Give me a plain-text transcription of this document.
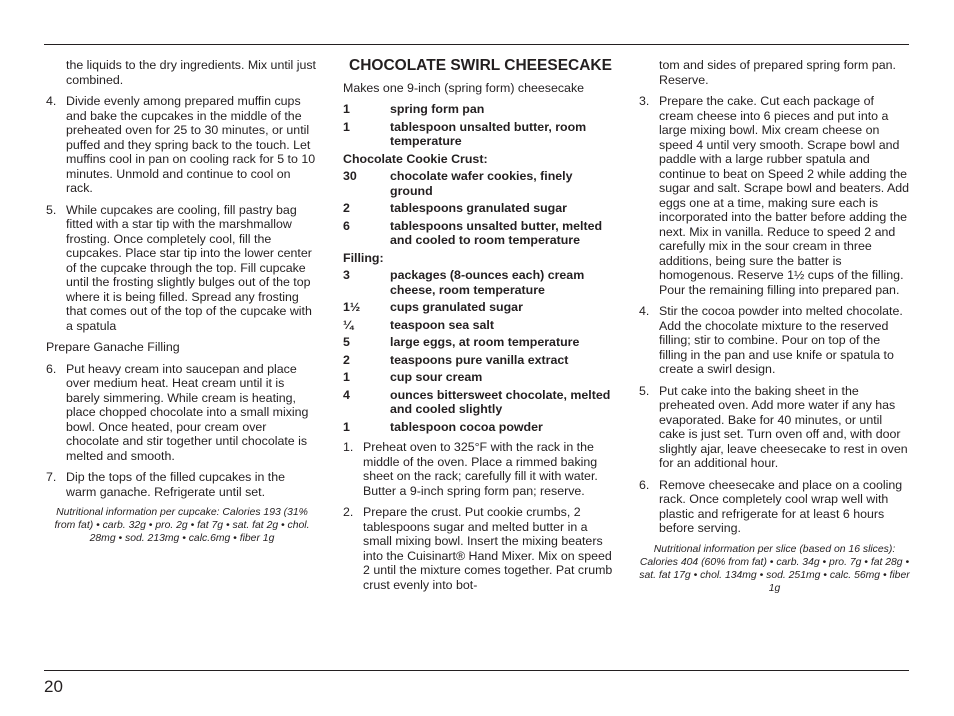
the liquids to the dry ingredients. Mix until just combined.

4. Divide evenly among prepared muffin cups and bake the cupcakes in the middle of the preheated oven for 25 to 30 minutes, or until puffed and they spring back to the touch. Let muffins cool in pan on cooling rack for 5 to 10 minutes. Unmold and continue to cool on rack.
5. While cupcakes are cooling, fill pastry bag fitted with a star tip with the marshmallow frosting. Once completely cool, fill the cupcakes. Place star tip into the lower center of the cupcake through the top. Fill cupcake until the frosting slightly bulges out of the top where it is being filled. Spread any frosting that comes out of the top of the cupcake with a spatula

Prepare Ganache Filling

6. Put heavy cream into saucepan and place over medium heat. Heat cream until it is barely simmering. While cream is heating, place chopped chocolate into a small mixing bowl. Once heated, pour cream over chocolate and stir together until chocolate is melted and smooth.
7. Dip the tops of the filled cupcakes in the warm ganache. Refrigerate until set.

Nutritional information per cupcake: Calories 193 (31% from fat) • carb. 32g • pro. 2g • fat 7g • sat. fat 2g • chol. 28mg • sod. 213mg • calc.6mg • fiber 1g

CHOCOLATE SWIRL CHEESECAKE

Makes one 9-inch (spring form) cheesecake

1	spring form pan
1	tablespoon unsalted butter, room temperature
Chocolate Cookie Crust:
30	chocolate wafer cookies, finely ground
2	tablespoons granulated sugar
6	tablespoons unsalted butter, melted and cooled to room temperature
Filling:
3	packages (8-ounces each) cream cheese, room temperature
1½	cups granulated sugar
¼	teaspoon sea salt
5	large eggs, at room temperature
2	teaspoons pure vanilla extract
1	cup sour cream
4	ounces bittersweet chocolate, melted and cooled slightly
1	tablespoon cocoa powder
1. Preheat oven to 325°F with the rack in the middle of the oven. Place a rimmed baking sheet on the rack; carefully fill it with water. Butter a 9-inch spring form pan; reserve.
2. Prepare the crust. Put cookie crumbs, 2 tablespoons sugar and melted butter in a small mixing bowl. Insert the mixing beaters into the Cuisinart® Hand Mixer. Mix on speed 2 until the mixture comes together. Pat crumb crust evenly into bot-

tom and sides of prepared spring form pan. Reserve.

3. Prepare the cake. Cut each package of cream cheese into 6 pieces and put into a large mixing bowl. Mix cream cheese on speed 4 until very smooth. Scrape bowl and paddle with a large rubber spatula and continue to beat on Speed 2 while adding the sugar and salt. Scrape bowl and beaters. Add eggs one at a time, making sure each is incorporated into the batter before adding the next. Mix in vanilla. Reduce to speed 2 and carefully mix in the sour cream in three additions, being sure the batter is homogenous. Reserve 1½ cups of the filling. Pour the remaining filling into prepared pan.
4. Stir the cocoa powder into melted chocolate. Add the chocolate mixture to the reserved filling; stir to combine. Pour on top of the filling in the pan and use knife or spatula to create a swirl design.
5. Put cake into the baking sheet in the preheated oven. Add more water if any has evaporated. Bake for 40 minutes, or until cake is just set. Turn oven off and, with door slightly ajar, leave cheesecake to rest in oven for an additional hour.
6. Remove cheesecake and place on a cooling rack. Once completely cool wrap well with plastic and refrigerate for at least 6 hours before serving.

Nutritional information per slice (based on 16 slices): Calories 404 (60% from fat) • carb. 34g • pro. 7g • fat 28g • sat. fat 17g • chol. 134mg • sod. 251mg • calc. 56mg • fiber 1g

20
